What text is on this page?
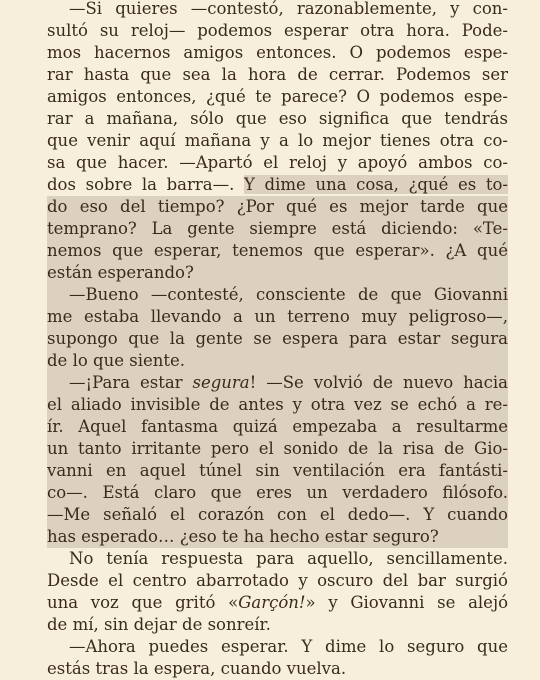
—Si quieres —contestó, razonablemente, y con-
sultó su reloj— podemos esperar otra hora. Pode-
mos hacernos amigos entonces. O podemos espe-
rar hasta que sea la hora de cerrar. Podemos ser
amigos entonces, ¿qué te parece? O podemos espe-
rar a mañana, sólo que eso significa que tendrás
que venir aquí mañana y a lo mejor tienes otra co-
sa que hacer. —Apartó el reloj y apoyó ambos co-
dos sobre la barra—. Y dime una cosa, ¿qué es to-
do eso del tiempo? ¿Por qué es mejor tarde que
temprano? La gente siempre está diciendo: «Te-
nemos que esperar, tenemos que esperar». ¿A qué
están esperando?
—Bueno —contesté, consciente de que Giovanni
me estaba llevando a un terreno muy peligroso—,
supongo que la gente se espera para estar segura
de lo que siente.
—¡Para estar segura! —Se volvió de nuevo hacia
el aliado invisible de antes y otra vez se echó a re-
ír. Aquel fantasma quizá empezaba a resultarme
un tanto irritante pero el sonido de la risa de Gio-
vanni en aquel túnel sin ventilación era fantásti-
co—. Está claro que eres un verdadero filósofo.
—Me señaló el corazón con el dedo—. Y cuando
has esperado… ¿eso te ha hecho estar seguro?
No tenía respuesta para aquello, sencillamente.
Desde el centro abarrotado y oscuro del bar surgió
una voz que gritó «Garçón!» y Giovanni se alejó
de mí, sin dejar de sonreír.
—Ahora puedes esperar. Y dime lo seguro que
estás tras la espera, cuando vuelva.
